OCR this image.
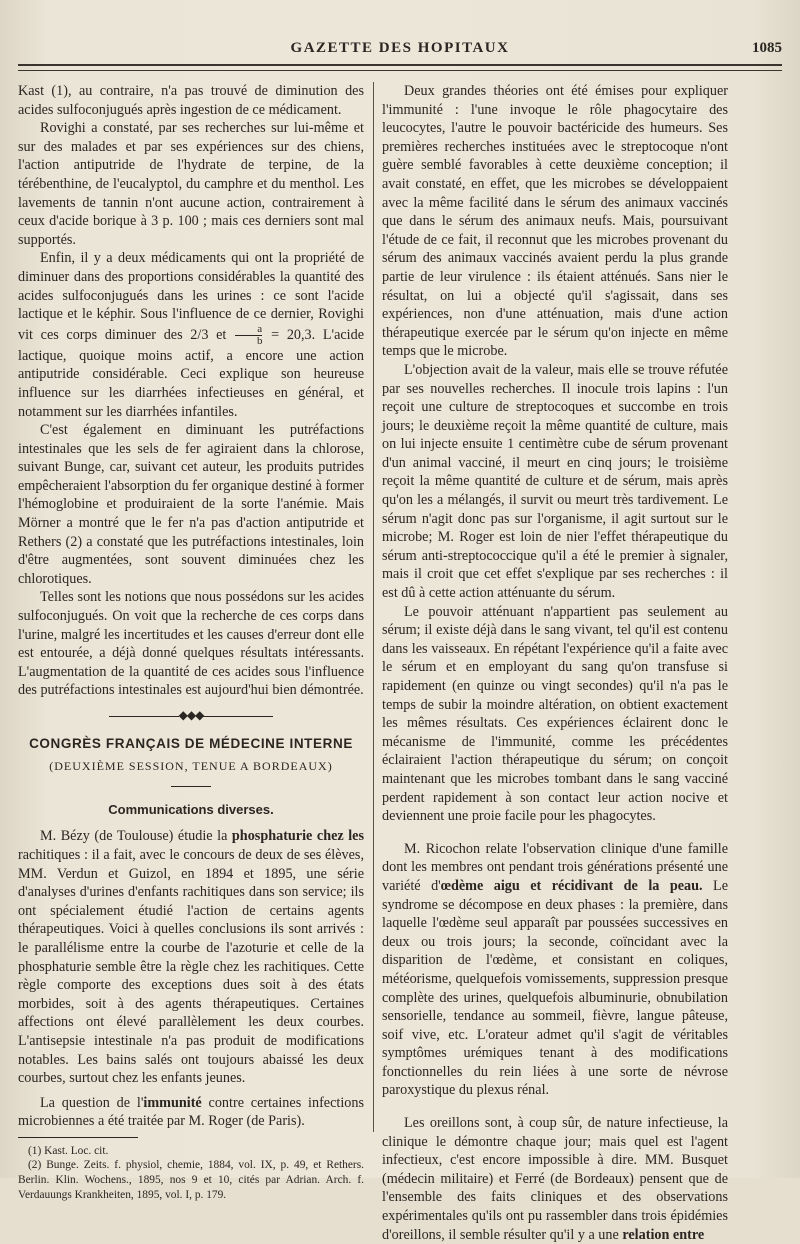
GAZETTE DES HOPITAUX	1085

Kast (1), au contraire, n'a pas trouvé de diminution des acides sulfoconjugués après ingestion de ce médicament.

Rovighi a constaté, par ses recherches sur lui-même et sur des malades et par ses expériences sur des chiens, l'action antiputride de l'hydrate de terpine, de la térébenthine, de l'eucalyptol, du camphre et du menthol. Les lavements de tannin n'ont aucune action, contrairement à ceux d'acide borique à 3 p. 100 ; mais ces derniers sont mal supportés.

Enfin, il y a deux médicaments qui ont la propriété de diminuer dans des proportions considérables la quantité des acides sulfoconjugués dans les urines : ce sont l'acide lactique et le képhir. Sous l'influence de ce dernier, Rovighi vit ces corps diminuer des 2/3 et $\frac{a}{b} = 20,3$. L'acide lactique, quoique moins actif, a encore une action antiputride considérable. Ceci explique son heureuse influence sur les diarrhées infectieuses en général, et notamment sur les diarrhées infantiles.

C'est également en diminuant les putréfactions intestinales que les sels de fer agiraient dans la chlorose, suivant Bunge, car, suivant cet auteur, les produits putrides empêcheraient l'absorption du fer organique destiné à former l'hémoglobine et produiraient de la sorte l'anémie. Mais Mörner a montré que le fer n'a pas d'action antiputride et Rethers (2) a constaté que les putréfactions intestinales, loin d'être augmentées, sont souvent diminuées chez les chlorotiques.

Telles sont les notions que nous possédons sur les acides sulfoconjugués. On voit que la recherche de ces corps dans l'urine, malgré les incertitudes et les causes d'erreur dont elle est entourée, a déjà donné quelques résultats intéressants. L'augmentation de la quantité de ces acides sous l'influence des putréfactions intestinales est aujourd'hui bien démontrée.

◆◆◆
CONGRÈS FRANÇAIS DE MÉDECINE INTERNE
(DEUXIÈME SESSION, TENUE A BORDEAUX)
Communications diverses.

M. Bézy (de Toulouse) étudie la phosphaturie chez les rachitiques : il a fait, avec le concours de deux de ses élèves, MM. Verdun et Guizol, en 1894 et 1895, une série d'analyses d'urines d'enfants rachitiques dans son service; ils ont spécialement étudié l'action de certains agents thérapeutiques. Voici à quelles conclusions ils sont arrivés : le parallélisme entre la courbe de l'azoturie et celle de la phosphaturie semble être la règle chez les rachitiques. Cette règle comporte des exceptions dues soit à des états morbides, soit à des agents thérapeutiques. Certaines affections ont élevé parallèlement les deux courbes. L'antisepsie intestinale n'a pas produit de modifications notables. Les bains salés ont toujours abaissé les deux courbes, surtout chez les enfants jeunes.

La question de l'immunité contre certaines infections microbiennes a été traitée par M. Roger (de Paris).

(1) Kast. Loc. cit.

(2) Bunge. Zeits. f. physiol, chemie, 1884, vol. IX, p. 49, et Rethers. Berlin. Klin. Wochens., 1895, nos 9 et 10, cités par Adrian. Arch. f. Verdauungs Krankheiten, 1895, vol. I, p. 179.

Deux grandes théories ont été émises pour expliquer l'immunité : l'une invoque le rôle phagocytaire des leucocytes, l'autre le pouvoir bactéricide des humeurs. Ses premières recherches instituées avec le streptocoque n'ont guère semblé favorables à cette deuxième conception; il avait constaté, en effet, que les microbes se développaient avec la même facilité dans le sérum des animaux vaccinés que dans le sérum des animaux neufs. Mais, poursuivant l'étude de ce fait, il reconnut que les microbes provenant du sérum des animaux vaccinés avaient perdu la plus grande partie de leur virulence : ils étaient atténués. Sans nier le résultat, on lui a objecté qu'il s'agissait, dans ses expériences, non d'une atténuation, mais d'une action thérapeutique exercée par le sérum qu'on injecte en même temps que le microbe.

L'objection avait de la valeur, mais elle se trouve réfutée par ses nouvelles recherches. Il inocule trois lapins : l'un reçoit une culture de streptocoques et succombe en trois jours; le deuxième reçoit la même quantité de culture, mais on lui injecte ensuite 1 centimètre cube de sérum provenant d'un animal vacciné, il meurt en cinq jours; le troisième reçoit la même quantité de culture et de sérum, mais après qu'on les a mélangés, il survit ou meurt très tardivement. Le sérum n'agit donc pas sur l'organisme, il agit surtout sur le microbe; M. Roger est loin de nier l'effet thérapeutique du sérum anti-streptococcique qu'il a été le premier à signaler, mais il croit que cet effet s'explique par ses recherches : il est dû à cette action atténuante du sérum.

Le pouvoir atténuant n'appartient pas seulement au sérum; il existe déjà dans le sang vivant, tel qu'il est contenu dans les vaisseaux. En répétant l'expérience qu'il a faite avec le sérum et en employant du sang qu'on transfuse si rapidement (en quinze ou vingt secondes) qu'il n'a pas le temps de subir la moindre altération, on obtient exactement les mêmes résultats. Ces expériences éclairent donc le mécanisme de l'immunité, comme les précédentes éclairaient l'action thérapeutique du sérum; on conçoit maintenant que les microbes tombant dans le sang vacciné perdent rapidement à son contact leur action nocive et deviennent une proie facile pour les phagocytes.

M. Ricochon relate l'observation clinique d'une famille dont les membres ont pendant trois générations présenté une variété d'œdème aigu et récidivant de la peau. Le syndrome se décompose en deux phases : la première, dans laquelle l'œdème seul apparaît par poussées successives en deux ou trois jours; la seconde, coïncidant avec la disparition de l'œdème, et consistant en coliques, météorisme, quelquefois vomissements, suppression presque complète des urines, quelquefois albuminurie, obnubilation sensorielle, tendance au sommeil, fièvre, langue pâteuse, soif vive, etc. L'orateur admet qu'il s'agit de véritables symptômes urémiques tenant à des modifications fonctionnelles du rein liées à une sorte de névrose paroxystique du plexus rénal.

Les oreillons sont, à coup sûr, de nature infectieuse, la clinique le démontre chaque jour; mais quel est l'agent infectieux, c'est encore impossible à dire. MM. Busquet (médecin militaire) et Ferré (de Bordeaux) pensent que de l'ensemble des faits cliniques et des observations expérimentales qu'ils ont pu rassembler dans trois épidémies d'oreillons, il semble résulter qu'il y a une relation entre
